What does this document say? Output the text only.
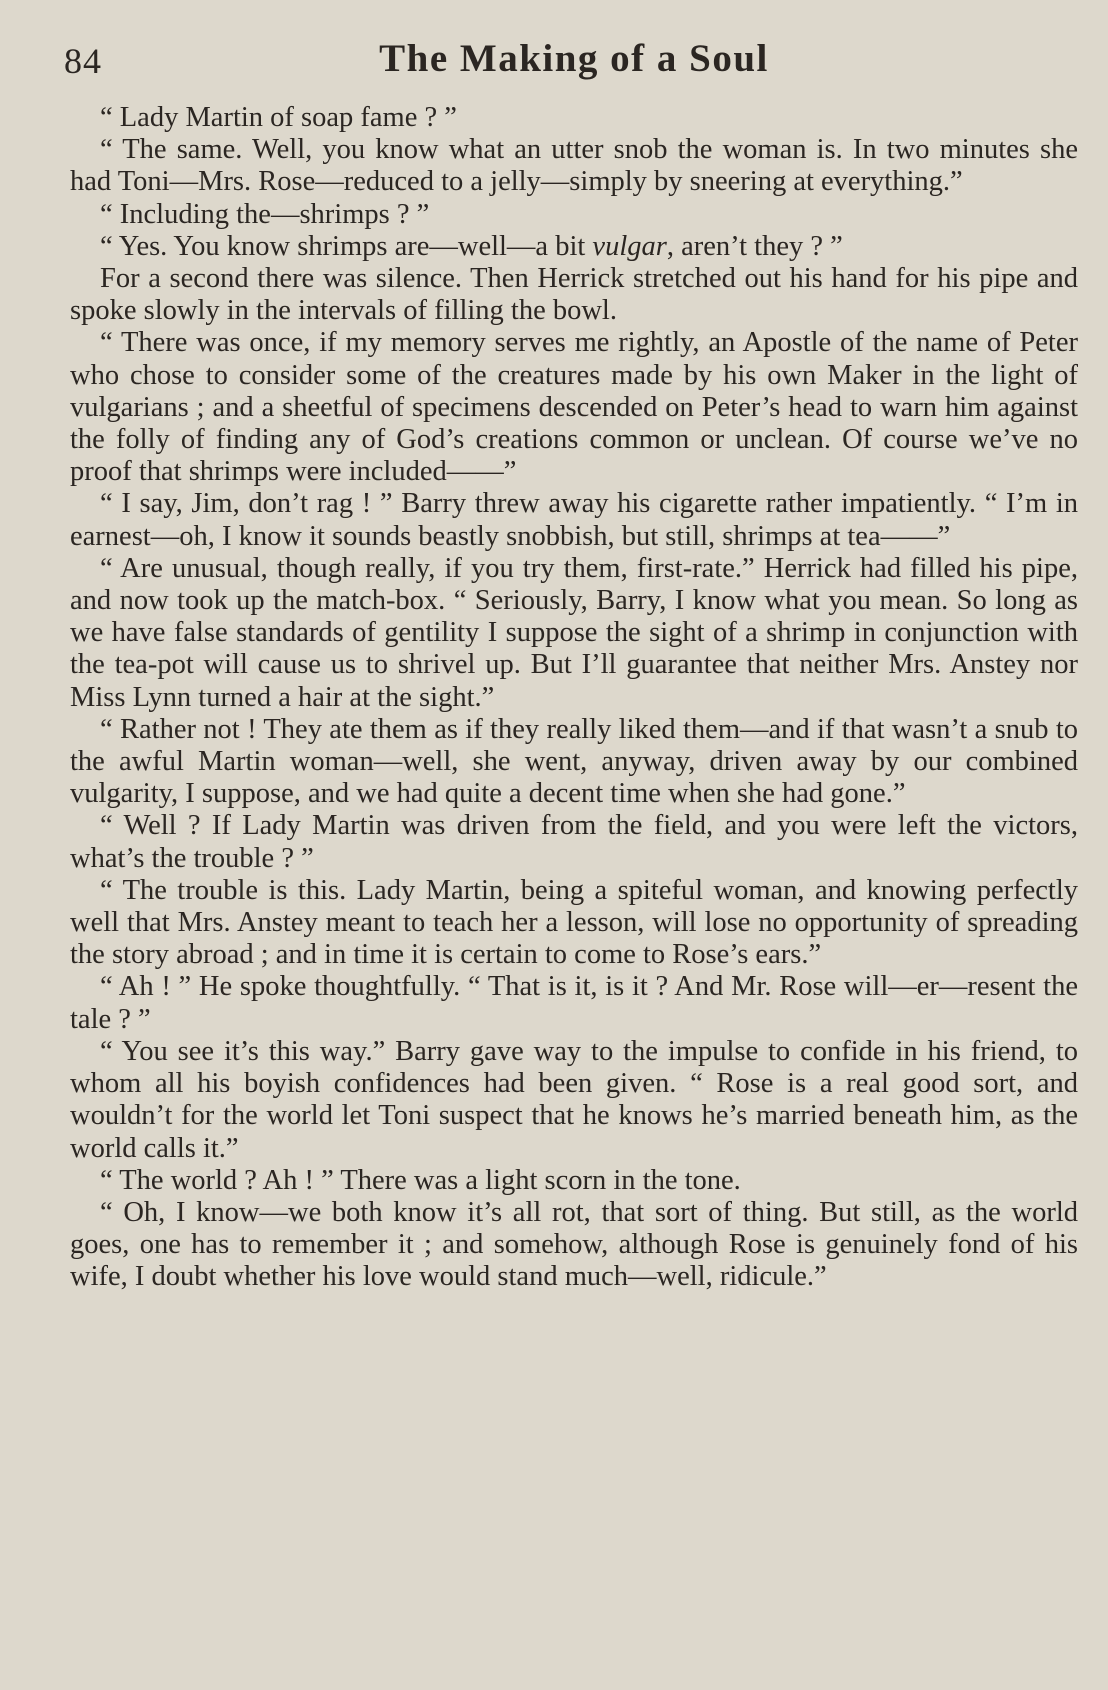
84	The Making of a Soul

“ Lady Martin of soap fame ? ”

“ The same. Well, you know what an utter snob the woman is. In two minutes she had Toni—Mrs. Rose—reduced to a jelly—simply by sneering at everything.”

“ Including the—shrimps ? ”

“ Yes. You know shrimps are—well—a bit vulgar, aren’t they ? ”

For a second there was silence. Then Herrick stretched out his hand for his pipe and spoke slowly in the intervals of filling the bowl.

“ There was once, if my memory serves me rightly, an Apostle of the name of Peter who chose to consider some of the creatures made by his own Maker in the light of vulgarians ; and a sheetful of specimens descended on Peter’s head to warn him against the folly of finding any of God’s creations common or unclean. Of course we’ve no proof that shrimps were included——”

“ I say, Jim, don’t rag ! ” Barry threw away his cigarette rather impatiently. “ I’m in earnest—oh, I know it sounds beastly snobbish, but still, shrimps at tea——”

“ Are unusual, though really, if you try them, first-rate.” Herrick had filled his pipe, and now took up the match-box. “ Seriously, Barry, I know what you mean. So long as we have false standards of gentility I suppose the sight of a shrimp in conjunction with the tea-pot will cause us to shrivel up. But I’ll guarantee that neither Mrs. Anstey nor Miss Lynn turned a hair at the sight.”

“ Rather not ! They ate them as if they really liked them—and if that wasn’t a snub to the awful Martin woman—well, she went, anyway, driven away by our combined vulgarity, I suppose, and we had quite a decent time when she had gone.”

“ Well ? If Lady Martin was driven from the field, and you were left the victors, what’s the trouble ? ”

“ The trouble is this. Lady Martin, being a spiteful woman, and knowing perfectly well that Mrs. Anstey meant to teach her a lesson, will lose no opportunity of spreading the story abroad ; and in time it is certain to come to Rose’s ears.”

“ Ah ! ” He spoke thoughtfully. “ That is it, is it ? And Mr. Rose will—er—resent the tale ? ”

“ You see it’s this way.” Barry gave way to the impulse to confide in his friend, to whom all his boyish confidences had been given. “ Rose is a real good sort, and wouldn’t for the world let Toni suspect that he knows he’s married beneath him, as the world calls it.”

“ The world ? Ah ! ” There was a light scorn in the tone.

“ Oh, I know—we both know it’s all rot, that sort of thing. But still, as the world goes, one has to remember it ; and somehow, although Rose is genuinely fond of his wife, I doubt whether his love would stand much—well, ridicule.”
